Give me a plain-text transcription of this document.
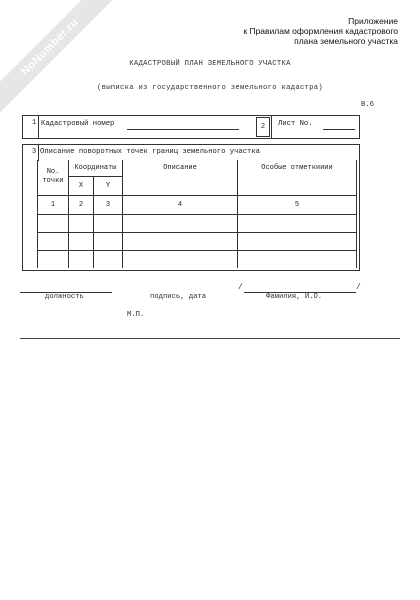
NoNumber.ru	Приложение
к Правилам оформления кадастрового
плана земельного участка
КАДАСТРОВЫЙ ПЛАН ЗЕМЕЛЬНОГО УЧАСТКА
(выписка из государственного земельного кадастра)
В.6
1 Кадастровый номер	2	Лист No.
3 Описание поворотных точек границ земельного участка
No.
точки	Координаты		Описание	Особые отметкииии
	X	Y		
1	2	3	4	5

/	/
должность	подпись, дата	Фамилия, И.О.
М.П.
